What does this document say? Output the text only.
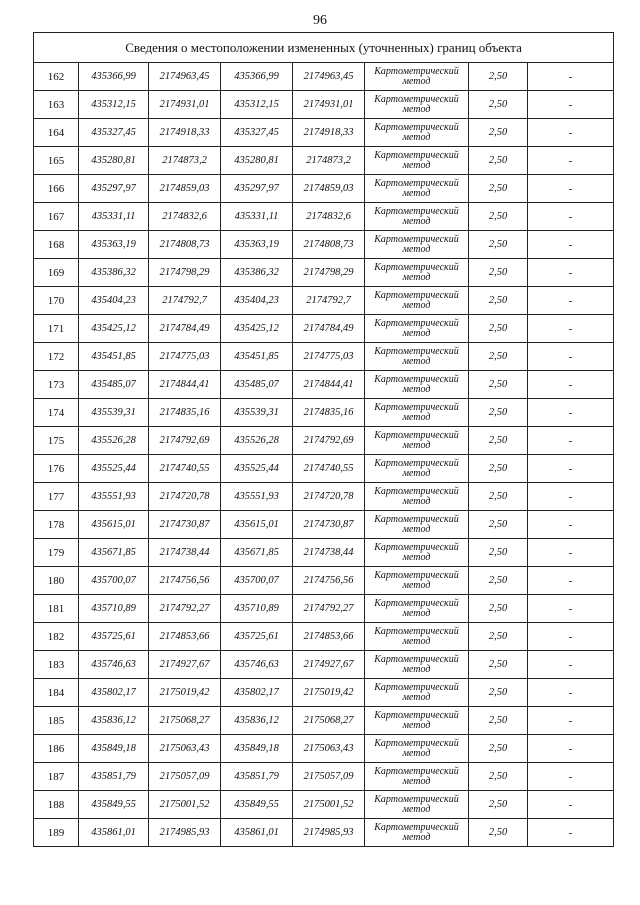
96
Сведения о местоположении измененных (уточненных) границ объекта							
162	435366,99	2174963,45	435366,99	2174963,45	Картометрический метод	2,50	-
163	435312,15	2174931,01	435312,15	2174931,01	Картометрический метод	2,50	-
164	435327,45	2174918,33	435327,45	2174918,33	Картометрический метод	2,50	-
165	435280,81	2174873,2	435280,81	2174873,2	Картометрический метод	2,50	-
166	435297,97	2174859,03	435297,97	2174859,03	Картометрический метод	2,50	-
167	435331,11	2174832,6	435331,11	2174832,6	Картометрический метод	2,50	-
168	435363,19	2174808,73	435363,19	2174808,73	Картометрический метод	2,50	-
169	435386,32	2174798,29	435386,32	2174798,29	Картометрический метод	2,50	-
170	435404,23	2174792,7	435404,23	2174792,7	Картометрический метод	2,50	-
171	435425,12	2174784,49	435425,12	2174784,49	Картометрический метод	2,50	-
172	435451,85	2174775,03	435451,85	2174775,03	Картометрический метод	2,50	-
173	435485,07	2174844,41	435485,07	2174844,41	Картометрический метод	2,50	-
174	435539,31	2174835,16	435539,31	2174835,16	Картометрический метод	2,50	-
175	435526,28	2174792,69	435526,28	2174792,69	Картометрический метод	2,50	-
176	435525,44	2174740,55	435525,44	2174740,55	Картометрический метод	2,50	-
177	435551,93	2174720,78	435551,93	2174720,78	Картометрический метод	2,50	-
178	435615,01	2174730,87	435615,01	2174730,87	Картометрический метод	2,50	-
179	435671,85	2174738,44	435671,85	2174738,44	Картометрический метод	2,50	-
180	435700,07	2174756,56	435700,07	2174756,56	Картометрический метод	2,50	-
181	435710,89	2174792,27	435710,89	2174792,27	Картометрический метод	2,50	-
182	435725,61	2174853,66	435725,61	2174853,66	Картометрический метод	2,50	-
183	435746,63	2174927,67	435746,63	2174927,67	Картометрический метод	2,50	-
184	435802,17	2175019,42	435802,17	2175019,42	Картометрический метод	2,50	-
185	435836,12	2175068,27	435836,12	2175068,27	Картометрический метод	2,50	-
186	435849,18	2175063,43	435849,18	2175063,43	Картометрический метод	2,50	-
187	435851,79	2175057,09	435851,79	2175057,09	Картометрический метод	2,50	-
188	435849,55	2175001,52	435849,55	2175001,52	Картометрический метод	2,50	-
189	435861,01	2174985,93	435861,01	2174985,93	Картометрический метод	2,50	-
